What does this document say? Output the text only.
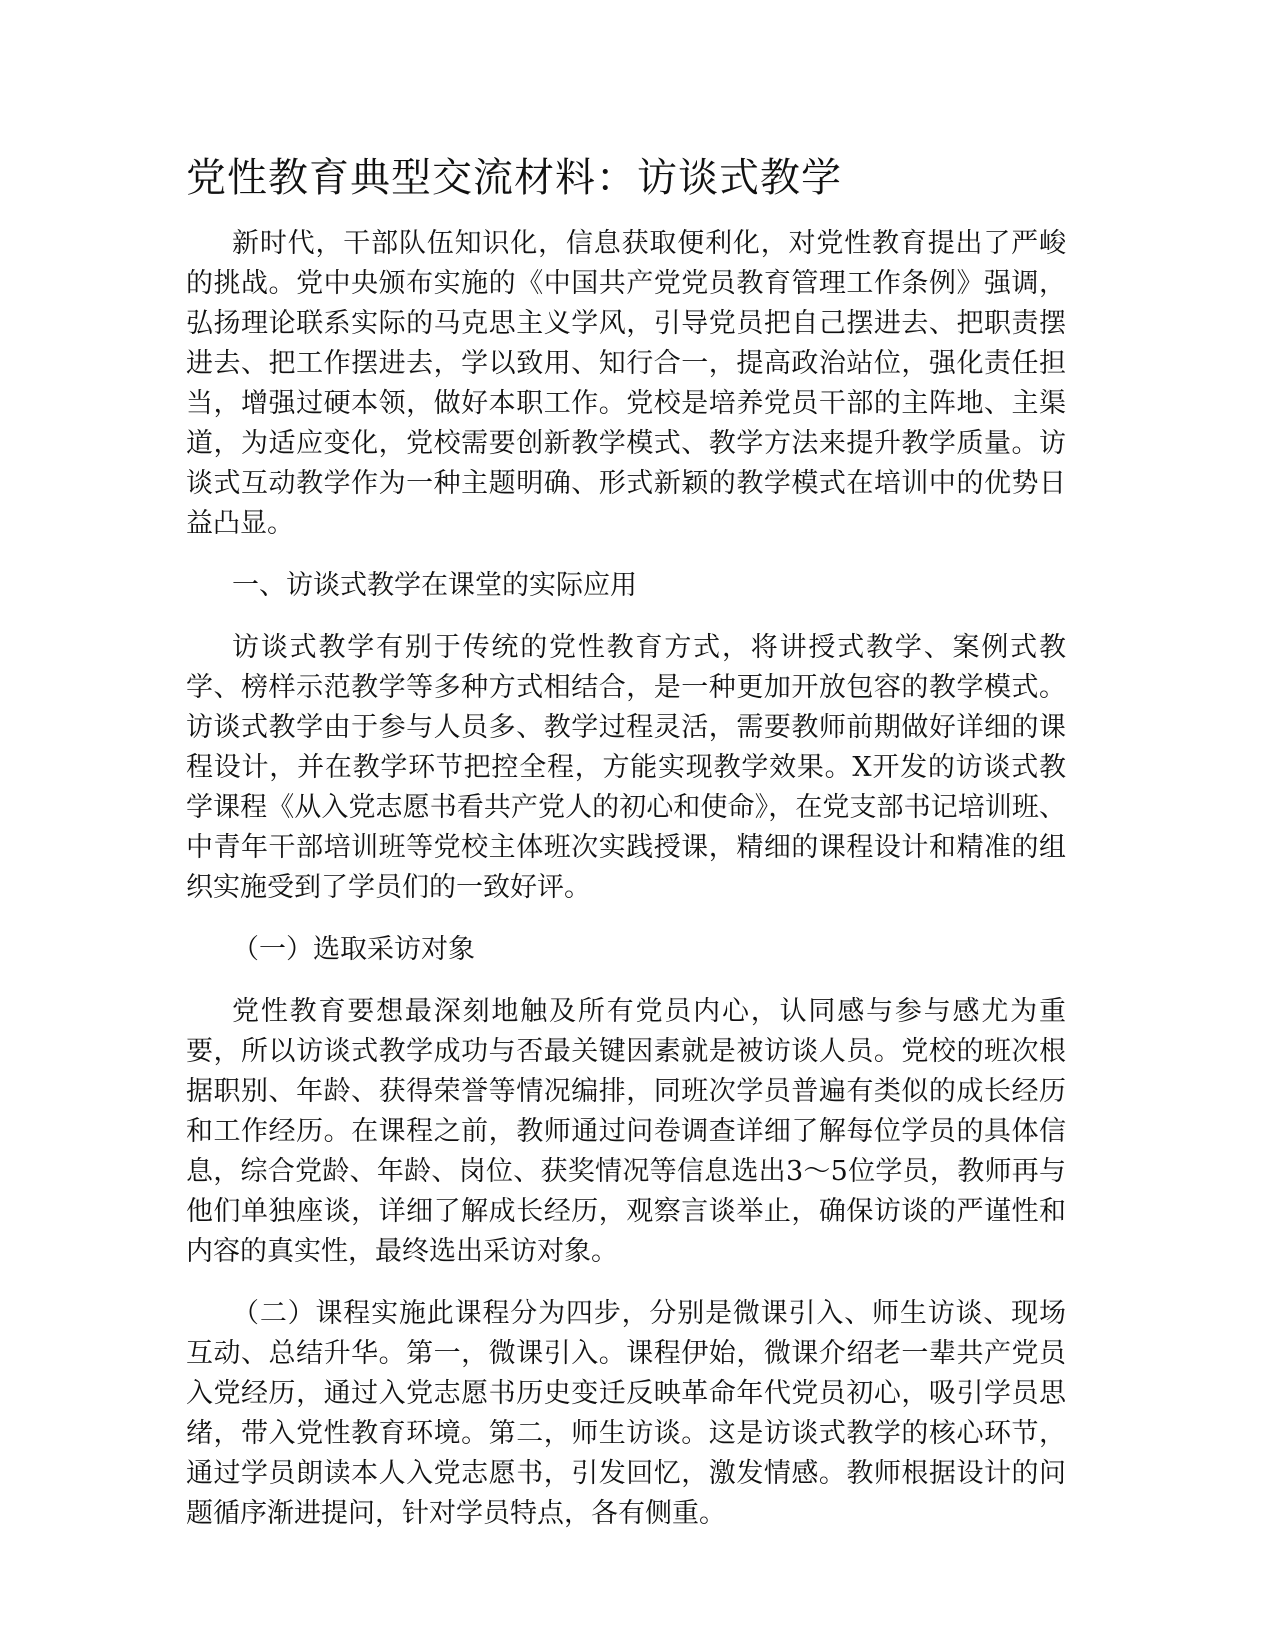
党性教育典型交流材料：访谈式教学

新时代，干部队伍知识化，信息获取便利化，对党性教育提出了严峻的挑战。党中央颁布实施的《中国共产党党员教育管理工作条例》强调，弘扬理论联系实际的马克思主义学风，引导党员把自己摆进去、把职责摆进去、把工作摆进去，学以致用、知行合一，提高政治站位，强化责任担当，增强过硬本领，做好本职工作。党校是培养党员干部的主阵地、主渠道，为适应变化，党校需要创新教学模式、教学方法来提升教学质量。访谈式互动教学作为一种主题明确、形式新颖的教学模式在培训中的优势日益凸显。

一、访谈式教学在课堂的实际应用

访谈式教学有别于传统的党性教育方式，将讲授式教学、案例式教学、榜样示范教学等多种方式相结合，是一种更加开放包容的教学模式。访谈式教学由于参与人员多、教学过程灵活，需要教师前期做好详细的课程设计，并在教学环节把控全程，方能实现教学效果。X开发的访谈式教学课程《从入党志愿书看共产党人的初心和使命》，在党支部书记培训班、中青年干部培训班等党校主体班次实践授课，精细的课程设计和精准的组织实施受到了学员们的一致好评。

（一）选取采访对象

党性教育要想最深刻地触及所有党员内心，认同感与参与感尤为重要，所以访谈式教学成功与否最关键因素就是被访谈人员。党校的班次根据职别、年龄、获得荣誉等情况编排，同班次学员普遍有类似的成长经历和工作经历。在课程之前，教师通过问卷调查详细了解每位学员的具体信息，综合党龄、年龄、岗位、获奖情况等信息选出3～5位学员，教师再与他们单独座谈，详细了解成长经历，观察言谈举止，确保访谈的严谨性和内容的真实性，最终选出采访对象。

（二）课程实施此课程分为四步，分别是微课引入、师生访谈、现场互动、总结升华。第一，微课引入。课程伊始，微课介绍老一辈共产党员入党经历，通过入党志愿书历史变迁反映革命年代党员初心，吸引学员思绪，带入党性教育环境。第二，师生访谈。这是访谈式教学的核心环节，通过学员朗读本人入党志愿书，引发回忆，激发情感。教师根据设计的问题循序渐进提问，针对学员特点，各有侧重。
